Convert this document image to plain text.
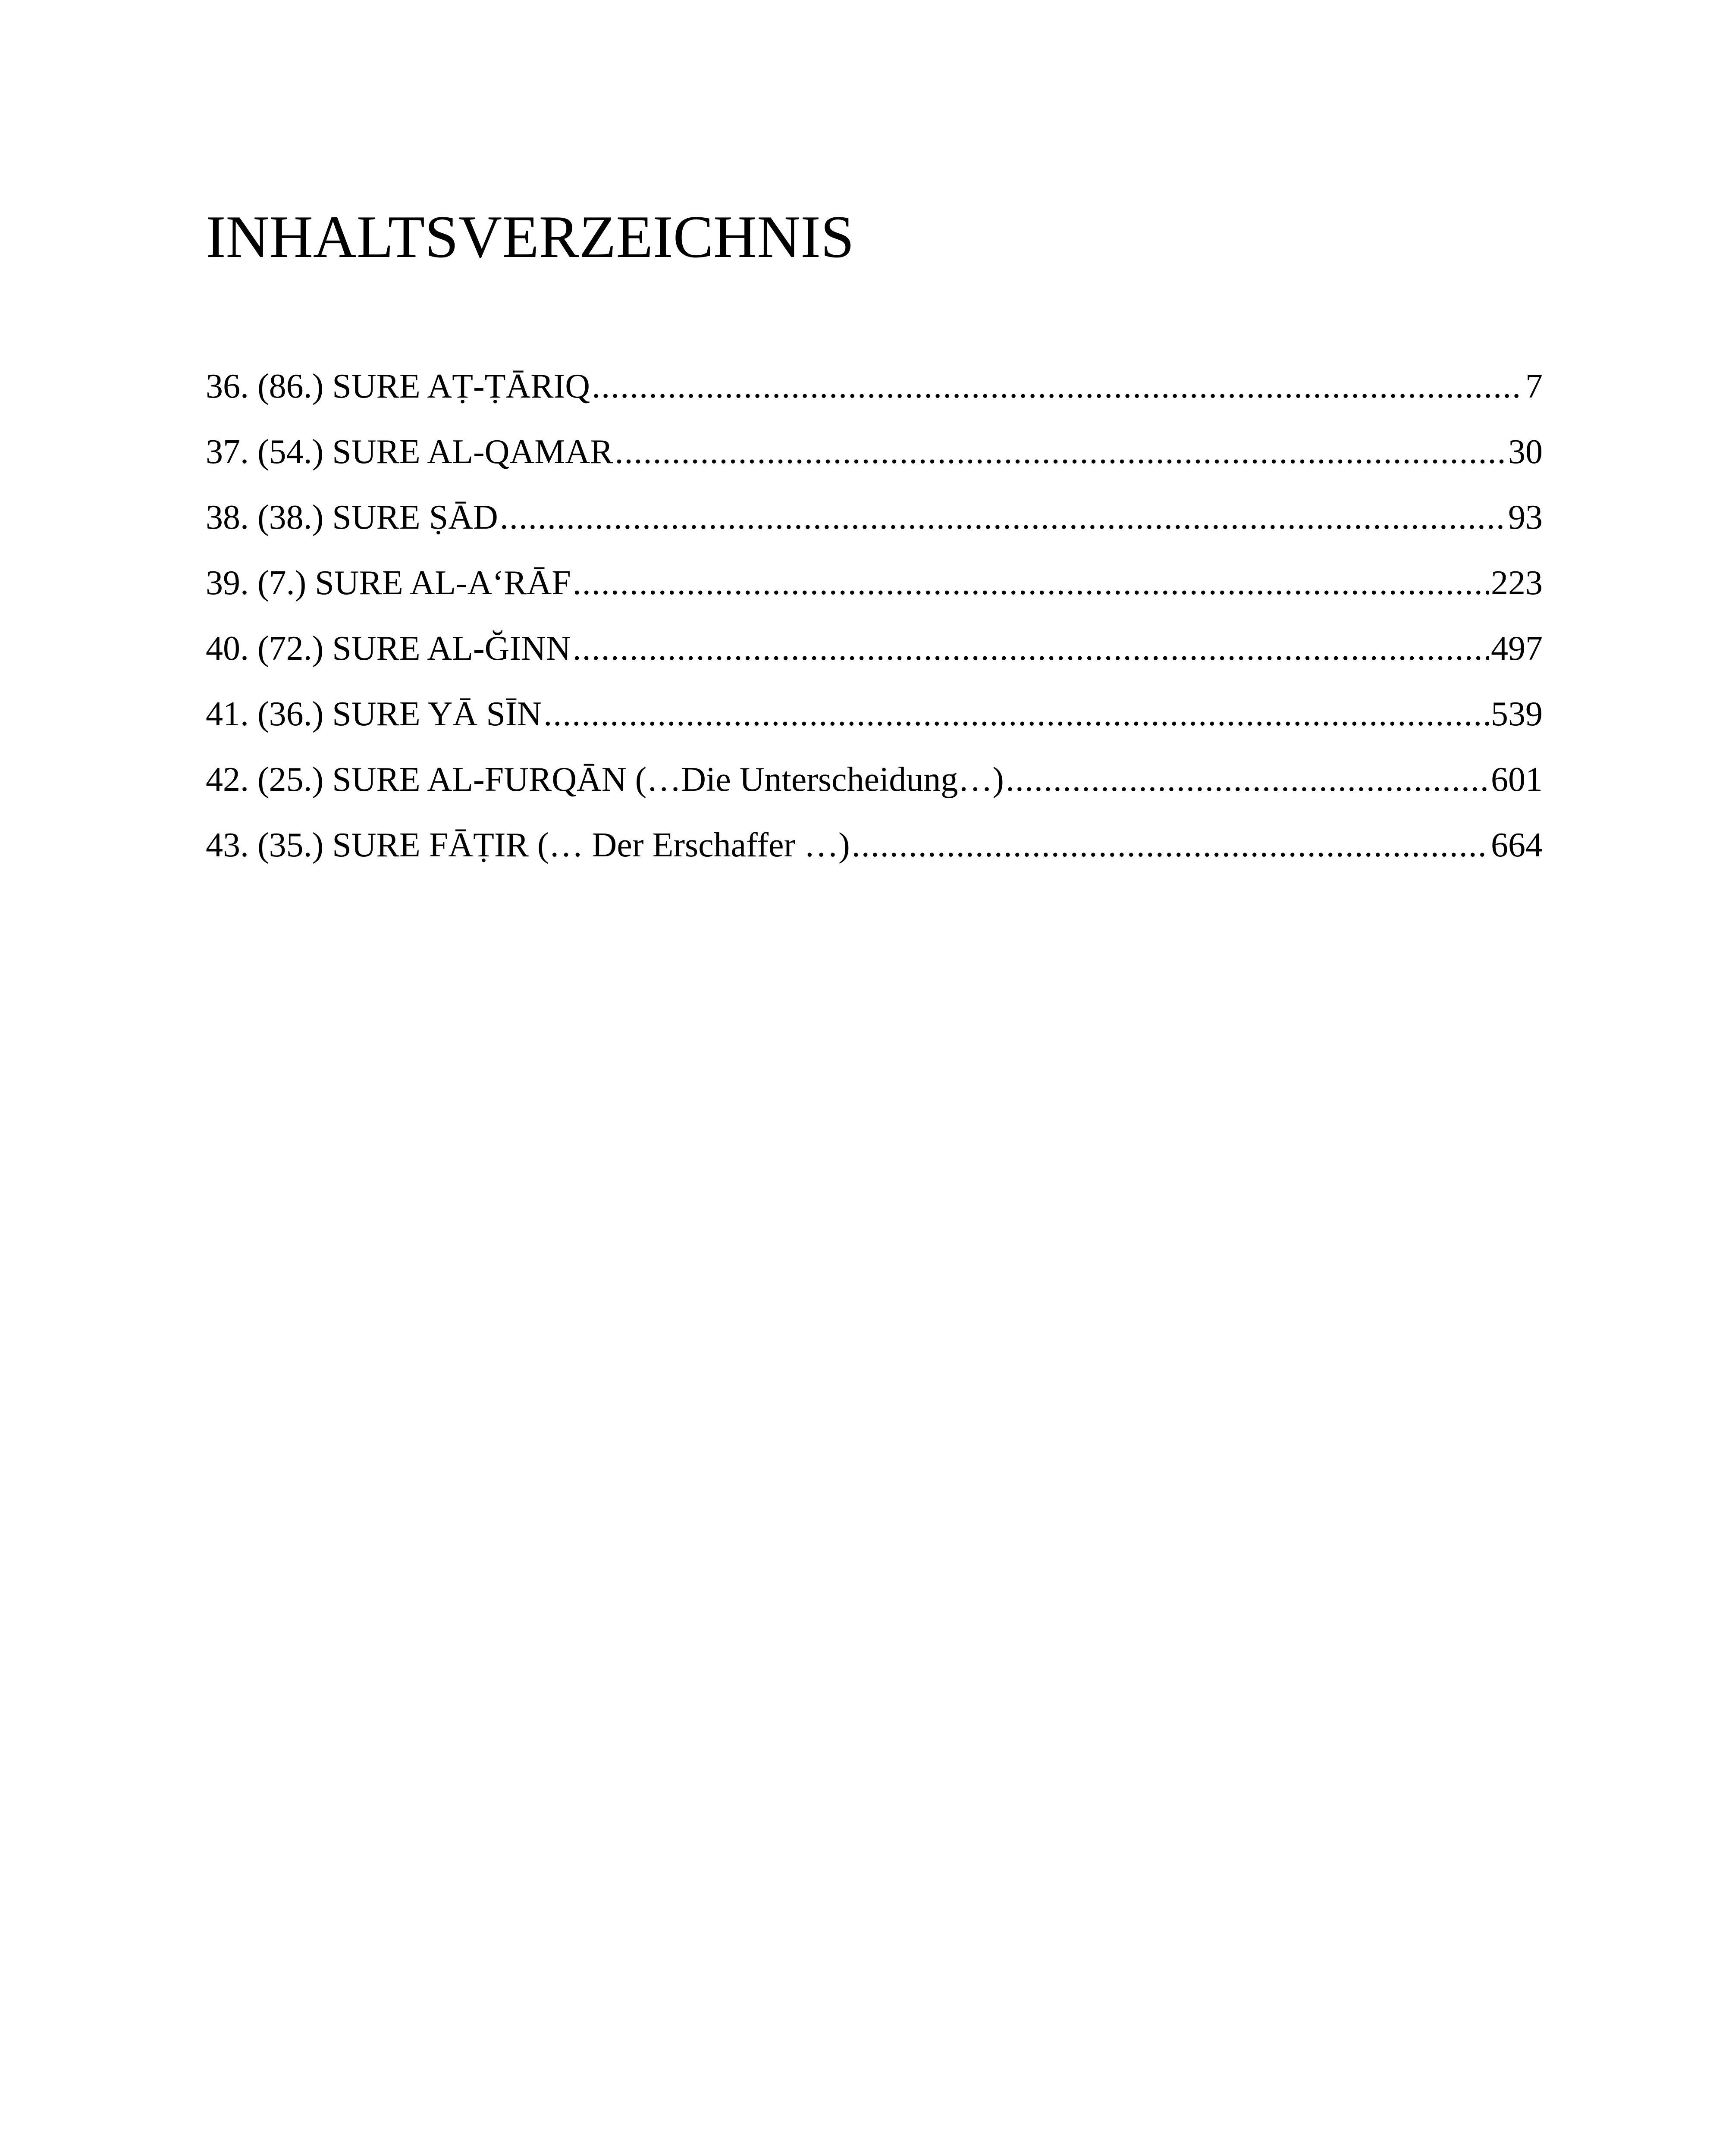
INHALTSVERZEICHNIS
36. (86.) SURE AṬ-ṬĀRIQ .....	7
37. (54.) SURE AL-QAMAR .....	30
38. (38.) SURE ṢĀD .....	93
39. (7.) SURE AL-A‘RĀF .....	223
40. (72.) SURE AL-ĞINN .....	497
41. (36.) SURE YĀ SĪN .....	539
42. (25.) SURE AL-FURQĀN (…Die Unterscheidung…) .....	601
43. (35.) SURE FĀṬIR (… Der Erschaffer …) .....	664
